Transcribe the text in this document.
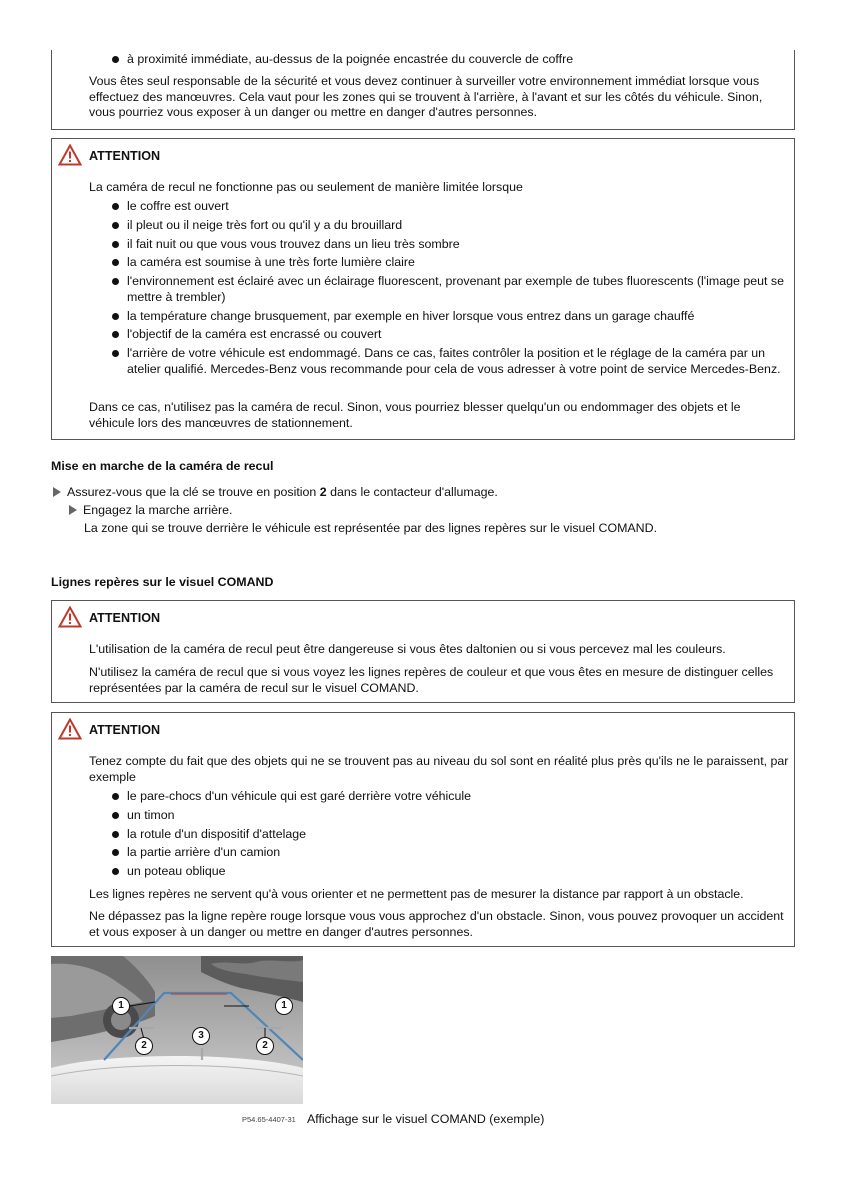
à proximité immédiate, au-dessus de la poignée encastrée du couvercle de coffre

Vous êtes seul responsable de la sécurité et vous devez continuer à surveiller votre environnement immédiat lorsque vous effectuez des manœuvres. Cela vaut pour les zones qui se trouvent à l'arrière, à l'avant et sur les côtés du véhicule. Sinon, vous pourriez vous exposer à un danger ou mettre en danger d'autres personnes.

ATTENTION

La caméra de recul ne fonctionne pas ou seulement de manière limitée lorsque

le coffre est ouvert
il pleut ou il neige très fort ou qu'il y a du brouillard
il fait nuit ou que vous vous trouvez dans un lieu très sombre
la caméra est soumise à une très forte lumière claire
l'environnement est éclairé avec un éclairage fluorescent, provenant par exemple de tubes fluorescents (l'image peut se mettre à trembler)
la température change brusquement, par exemple en hiver lorsque vous entrez dans un garage chauffé
l'objectif de la caméra est encrassé ou couvert
l'arrière de votre véhicule est endommagé. Dans ce cas, faites contrôler la position et le réglage de la caméra par un atelier qualifié. Mercedes-Benz vous recommande pour cela de vous adresser à votre point de service Mercedes-Benz.

Dans ce cas, n'utilisez pas la caméra de recul. Sinon, vous pourriez blesser quelqu'un ou endommager des objets et le véhicule lors des manœuvres de stationnement.

Mise en marche de la caméra de recul
Assurez-vous que la clé se trouve en position 2 dans le contacteur d'allumage.
Engagez la marche arrière.
La zone qui se trouve derrière le véhicule est représentée par des lignes repères sur le visuel COMAND.
Lignes repères sur le visuel COMAND
ATTENTION

L'utilisation de la caméra de recul peut être dangereuse si vous êtes daltonien ou si vous percevez mal les couleurs.

N'utilisez la caméra de recul que si vous voyez les lignes repères de couleur et que vous êtes en mesure de distinguer celles représentées par la caméra de recul sur le visuel COMAND.

ATTENTION

Tenez compte du fait que des objets qui ne se trouvent pas au niveau du sol sont en réalité plus près qu'ils ne le paraissent, par exemple

le pare-chocs d'un véhicule qui est garé derrière votre véhicule
un timon
la rotule d'un dispositif d'attelage
la partie arrière d'un camion
un poteau oblique

Les lignes repères ne servent qu'à vous orienter et ne permettent pas de mesurer la distance par rapport à un obstacle.

Ne dépassez pas la ligne repère rouge lorsque vous vous approchez d'un obstacle. Sinon, vous pouvez provoquer un accident et vous exposer à un danger ou mettre en danger d'autres personnes.

1	1
2
3
2
P54.65-4407-31 Affichage sur le visuel COMAND (exemple)
